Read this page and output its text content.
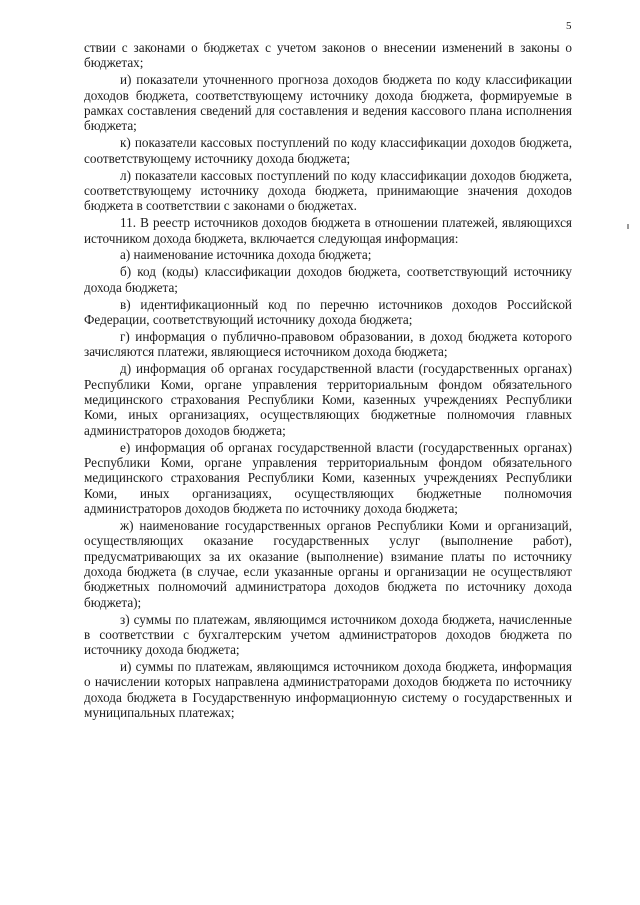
5

ствии с законами о бюджетах с учетом законов о внесении изменений в законы о бюджетах;

и) показатели уточненного прогноза доходов бюджета по коду классификации доходов бюджета, соответствующему источнику дохода бюджета, формируемые в рамках составления сведений для составления и ведения кассового плана исполнения бюджета;

к) показатели кассовых поступлений по коду классификации доходов бюджета, соответствующему источнику дохода бюджета;

л) показатели кассовых поступлений по коду классификации доходов бюджета, соответствующему источнику дохода бюджета, принимающие значения доходов бюджета в соответствии с законами о бюджетах.

11. В реестр источников доходов бюджета в отношении платежей, являющихся источником дохода бюджета, включается следующая информация:

а) наименование источника дохода бюджета;

б) код (коды) классификации доходов бюджета, соответствующий источнику дохода бюджета;

в) идентификационный код по перечню источников доходов Российской Федерации, соответствующий источнику дохода бюджета;

г) информация о публично-правовом образовании, в доход бюджета которого зачисляются платежи, являющиеся источником дохода бюджета;

д) информация об органах государственной власти (государственных органах) Республики Коми, органе управления территориальным фондом обязательного медицинского страхования Республики Коми, казенных учреждениях Республики Коми, иных организациях, осуществляющих бюджетные полномочия главных администраторов доходов бюджета;

е) информация об органах государственной власти (государственных органах) Республики Коми, органе управления территориальным фондом обязательного медицинского страхования Республики Коми, казенных учреждениях Республики Коми, иных организациях, осуществляющих бюджетные полномочия администраторов доходов бюджета по источнику дохода бюджета;

ж) наименование государственных органов Республики Коми и организаций, осуществляющих оказание государственных услуг (выполнение работ), предусматривающих за их оказание (выполнение) взимание платы по источнику дохода бюджета (в случае, если указанные органы и организации не осуществляют бюджетных полномочий администратора доходов бюджета по источнику дохода бюджета);

з) суммы по платежам, являющимся источником дохода бюджета, начисленные в соответствии с бухгалтерским учетом администраторов доходов бюджета по источнику дохода бюджета;

и) суммы по платежам, являющимся источником дохода бюджета, информация о начислении которых направлена администраторами доходов бюджета по источнику дохода бюджета в Государственную информационную систему о государственных и муниципальных платежах;
